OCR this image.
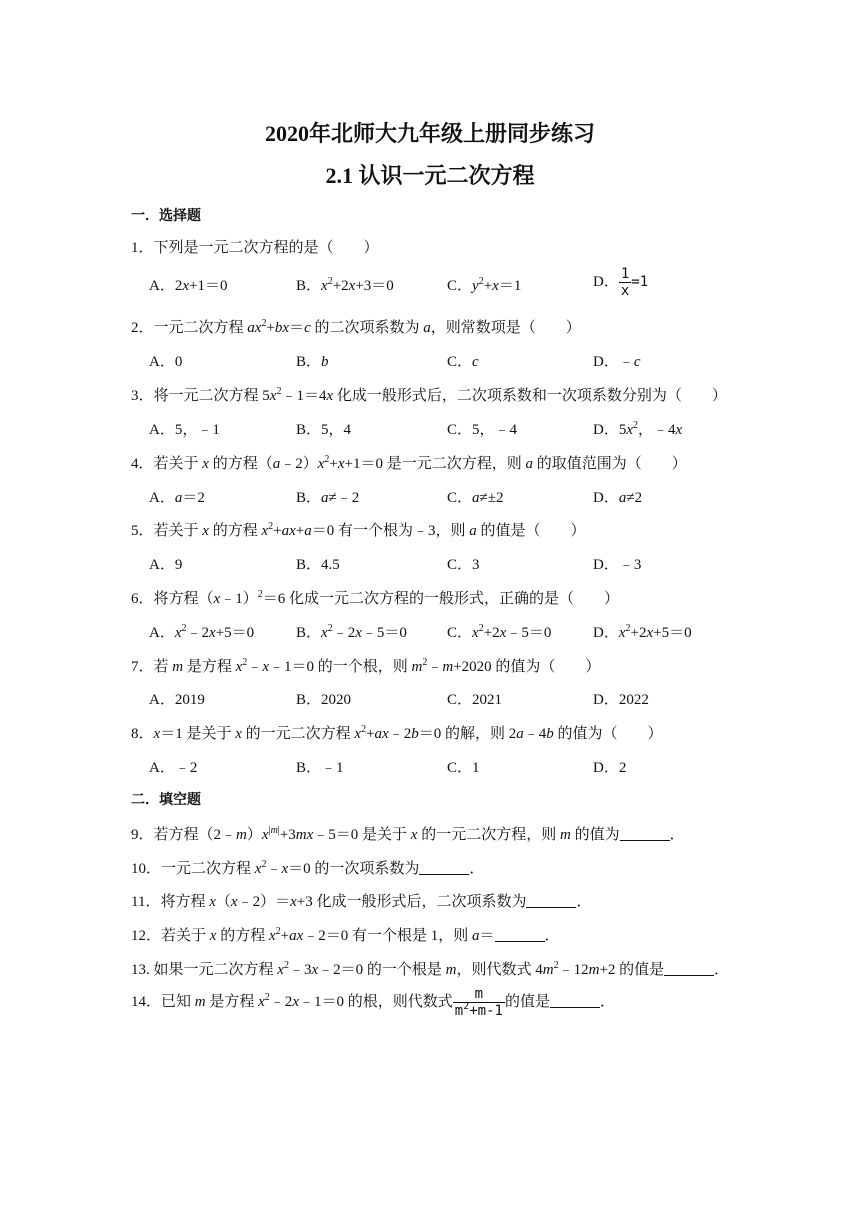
2020年北师大九年级上册同步练习
2.1 认识一元二次方程
一．选择题
1．下列是一元二次方程的是（　　）
A．2x+1＝0	B．$x^2+2x+3=0$	C．$y^2+x=1$	D． $\frac{1}{x} =1$
2．一元二次方程 $ax^2+bx=c$ 的二次项系数为 a，则常数项是（　　）
A．0	B．b	C．c	D．﹣c
3．将一元二次方程 $5x^2﹣1=4x$ 化成一般形式后，二次项系数和一次项系数分别为（　　）
A．5，﹣1	B．5，4	C．5，﹣4	D．$5x^2$，﹣4x
4．若关于 x 的方程$(a﹣2)x^2+x+1=0$ 是一元二次方程，则 a 的取值范围为（　　）
A．a＝2	B．a≠﹣2	C．a≠±2	D．a≠2
5．若关于 x 的方程 $x^2+ax+a=0$ 有一个根为﹣3，则 a 的值是（　　）
A．9	B．4.5	C．3	D．﹣3
6．将方程（x﹣1）$^2$＝6 化成一元二次方程的一般形式，正确的是（　　）
A．$x^2﹣2x+5=0$	B．$x^2﹣2x﹣5=0$	C．$x^2+2x﹣5=0$	D．$x^2+2x+5=0$
7．若 m 是方程 $x^2﹣x﹣1=0$ 的一个根，则 $m^2﹣m+2020$ 的值为（　　）
A．2019	B．2020	C．2021	D．2022
8．x＝1 是关于 x 的一元二次方程 $x^2+ax﹣2b=0$ 的解，则 2a﹣4b 的值为（　　）
A．﹣2	B．﹣1	C．1	D．2
二．填空题
9．若方程$(2﹣m)x^{|m|}+3mx﹣5=0$ 是关于 x 的一元二次方程，则 m 的值为	．
10．一元二次方程 $x^2﹣x=0$ 的一次项系数为	．
11．将方程 x（x﹣2）＝x+3 化成一般形式后，二次项系数为	．
12．若关于 x 的方程 $x^2+ax﹣2=0$ 有一个根是 1，则 a＝	．
13. 如果一元二次方程 $x^2﹣3x﹣2=0$ 的一个根是 m，则代数式 $4m^2﹣12m+2$ 的值是	．
14．已知 m 是方程 $x^2﹣2x﹣1=0$ 的根，则代数式 $\frac{m}{m^2+m-1}$ 的值是	．
